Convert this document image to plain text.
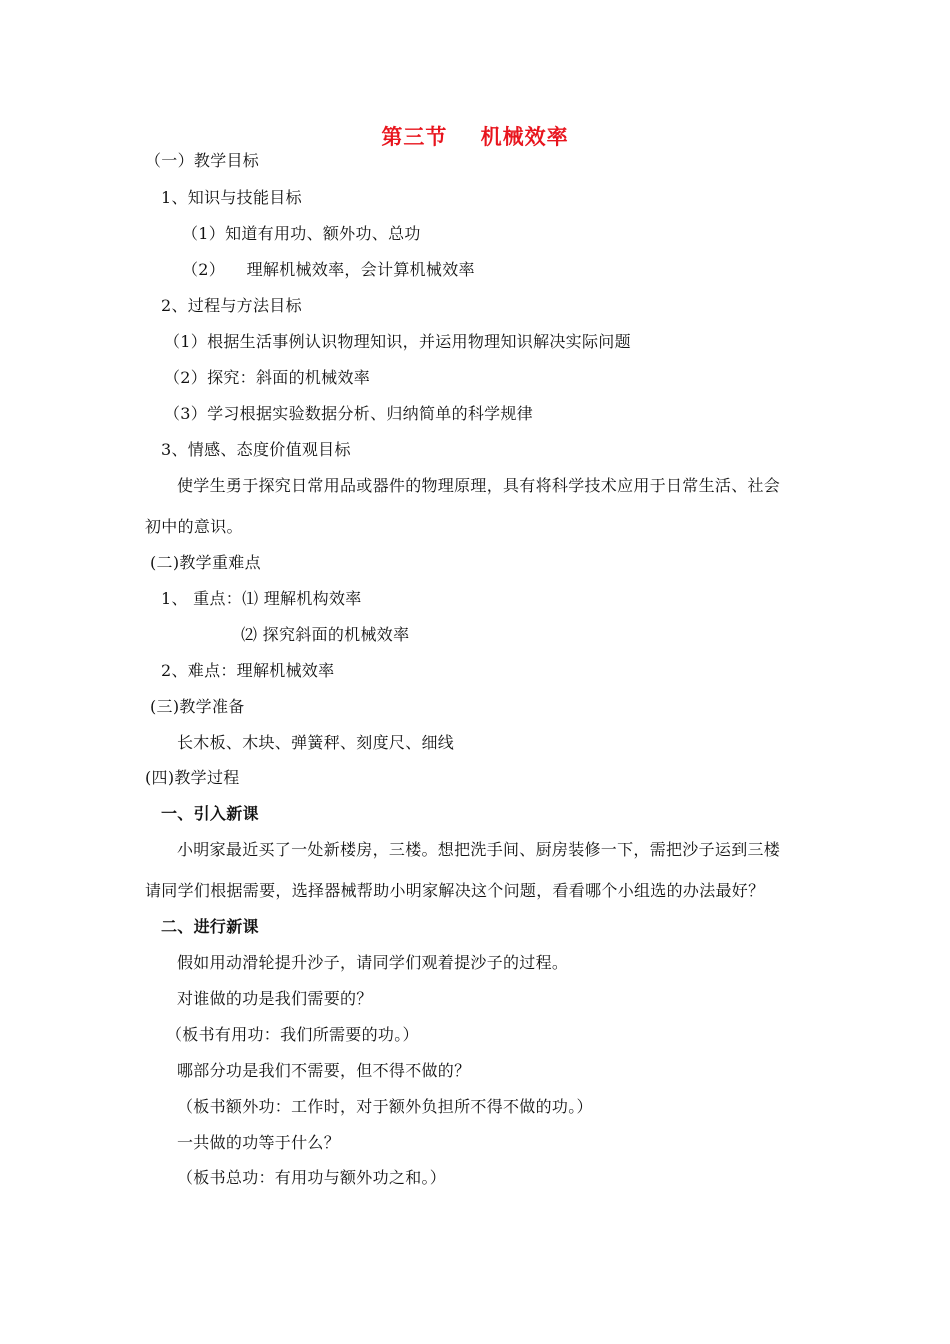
第三节    机械效率
（一）教学目标
1、知识与技能目标
（1）知道有用功、额外功、总功
（2）    理解机械效率，会计算机械效率
2、过程与方法目标
（1）根据生活事例认识物理知识，并运用物理知识解决实际问题
（2）探究：斜面的机械效率
（3）学习根据实验数据分析、归纳简单的科学规律
3、情感、态度价值观目标
使学生勇于探究日常用品或器件的物理原理，具有将科学技术应用于日常生活、社会
初中的意识。
(二)教学重难点
1、 重点：⑴ 理解机构效率
⑵ 探究斜面的机械效率
2、难点：理解机械效率
(三)教学准备
长木板、木块、弹簧秤、刻度尺、细线
(四)教学过程
一、引入新课
小明家最近买了一处新楼房，三楼。想把洗手间、厨房装修一下，需把沙子运到三楼
请同学们根据需要，选择器械帮助小明家解决这个问题，看看哪个小组选的办法最好？
二、进行新课
假如用动滑轮提升沙子，请同学们观着提沙子的过程。
对谁做的功是我们需要的？
（板书有用功：我们所需要的功。）
哪部分功是我们不需要，但不得不做的？
（板书额外功：工作时，对于额外负担所不得不做的功。）
一共做的功等于什么？
（板书总功：有用功与额外功之和。）
